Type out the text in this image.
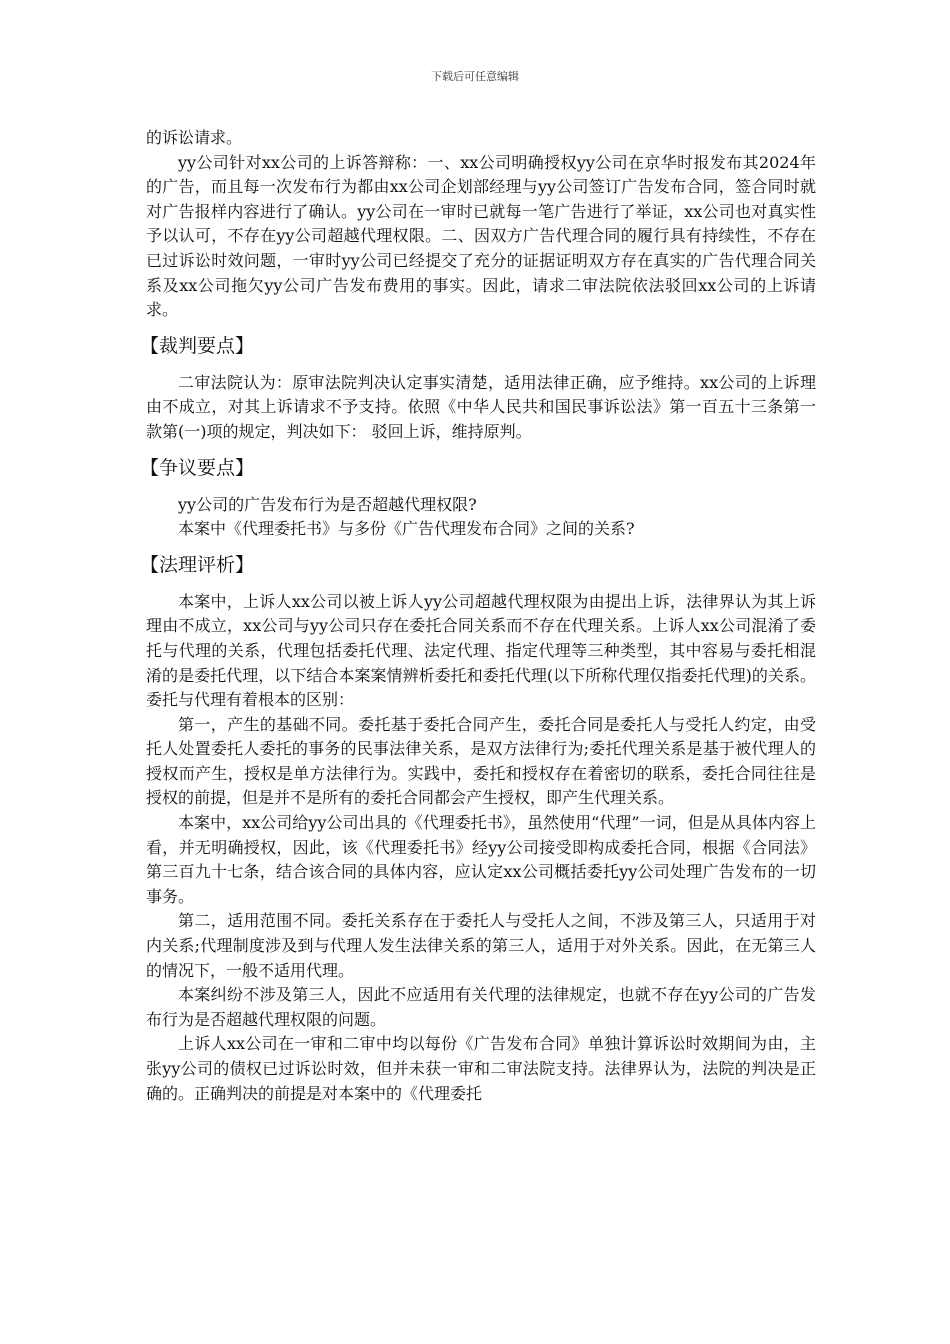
下载后可任意编辑

的诉讼请求。

yy公司针对xx公司的上诉答辩称：一、xx公司明确授权yy公司在京华时报发布其2024年的广告，而且每一次发布行为都由xx公司企划部经理与yy公司签订广告发布合同，签合同时就对广告报样内容进行了确认。yy公司在一审时已就每一笔广告进行了举证，xx公司也对真实性予以认可，不存在yy公司超越代理权限。二、因双方广告代理合同的履行具有持续性，不存在已过诉讼时效问题，一审时yy公司已经提交了充分的证据证明双方存在真实的广告代理合同关系及xx公司拖欠yy公司广告发布费用的事实。因此，请求二审法院依法驳回xx公司的上诉请求。

【裁判要点】

二审法院认为：原审法院判决认定事实清楚，适用法律正确，应予维持。xx公司的上诉理由不成立，对其上诉请求不予支持。依照《中华人民共和国民事诉讼法》第一百五十三条第一款第(一)项的规定，判决如下： 驳回上诉，维持原判。

【争议要点】

yy公司的广告发布行为是否超越代理权限?

本案中《代理委托书》与多份《广告代理发布合同》之间的关系?

【法理评析】

本案中，上诉人xx公司以被上诉人yy公司超越代理权限为由提出上诉，法律界认为其上诉理由不成立，xx公司与yy公司只存在委托合同关系而不存在代理关系。上诉人xx公司混淆了委托与代理的关系，代理包括委托代理、法定代理、指定代理等三种类型，其中容易与委托相混淆的是委托代理，以下结合本案案情辨析委托和委托代理(以下所称代理仅指委托代理)的关系。委托与代理有着根本的区别：

第一，产生的基础不同。委托基于委托合同产生，委托合同是委托人与受托人约定，由受托人处置委托人委托的事务的民事法律关系，是双方法律行为;委托代理关系是基于被代理人的授权而产生，授权是单方法律行为。实践中，委托和授权存在着密切的联系，委托合同往往是授权的前提，但是并不是所有的委托合同都会产生授权，即产生代理关系。

本案中，xx公司给yy公司出具的《代理委托书》，虽然使用“代理”一词，但是从具体内容上看，并无明确授权，因此，该《代理委托书》经yy公司接受即构成委托合同，根据《合同法》第三百九十七条，结合该合同的具体内容，应认定xx公司概括委托yy公司处理广告发布的一切事务。

第二，适用范围不同。委托关系存在于委托人与受托人之间，不涉及第三人，只适用于对内关系;代理制度涉及到与代理人发生法律关系的第三人，适用于对外关系。因此，在无第三人的情况下，一般不适用代理。

本案纠纷不涉及第三人，因此不应适用有关代理的法律规定，也就不存在yy公司的广告发布行为是否超越代理权限的问题。

上诉人xx公司在一审和二审中均以每份《广告发布合同》单独计算诉讼时效期间为由，主张yy公司的债权已过诉讼时效，但并未获一审和二审法院支持。法律界认为，法院的判决是正确的。正确判决的前提是对本案中的《代理委托
